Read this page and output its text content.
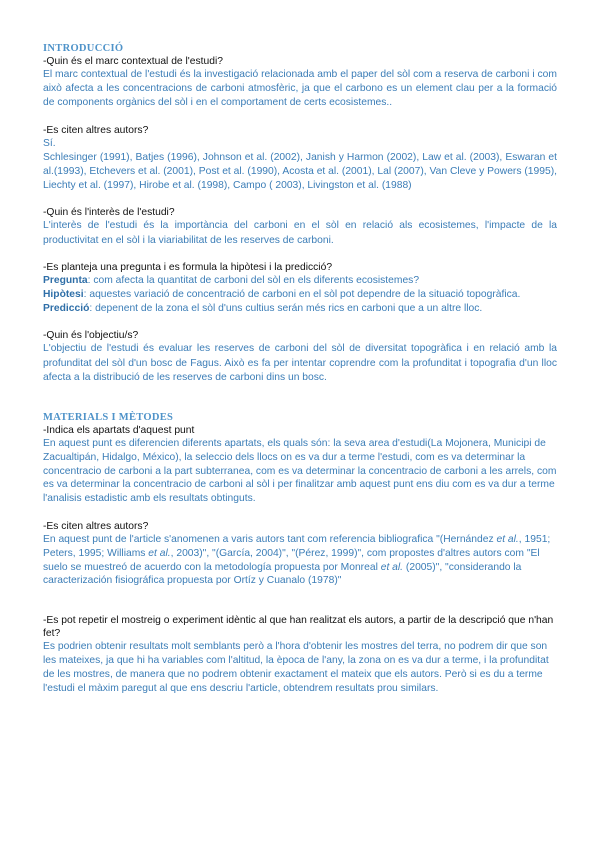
INTRODUCCIÓ

-Quin és el marc contextual de l'estudi?

El marc contextual de l'estudi és la investigació relacionada amb el paper del sòl com a reserva de carboni i com això afecta a les concentracions de carboni atmosfèric, ja que el carbono es un element clau per a la formació de components orgànics del sòl i en el comportament de certs ecosistemes..

-Es citen altres autors?

Sí.

Schlesinger (1991), Batjes (1996), Johnson et al. (2002), Janish y Harmon (2002), Law et al. (2003), Eswaran et al.(1993), Etchevers et al. (2001), Post et al. (1990), Acosta et al. (2001), Lal (2007), Van Cleve y Powers (1995), Liechty et al. (1997), Hirobe et al. (1998), Campo ( 2003), Livingston et al. (1988)

-Quin és l'interès de l'estudi?

L'interès de l'estudi és la importància del carboni en el sòl en relació als ecosistemes, l'impacte de la productivitat en el sòl i la viariabilitat de les reserves de carboni.

-Es planteja una pregunta i es formula la hipòtesi i la predicció?

Pregunta: com afecta la quantitat de carboni del sòl en els diferents ecosistemes?

Hipòtesi: aquestes variació de concentració de carboni en el sòl pot dependre de la situació topogràfica.

Predicció: depenent de la zona el sòl d'uns cultius serán més rics en carboni que a un altre lloc.

-Quin és l'objectiu/s?

L'objectiu de l'estudi és evaluar les reserves de carboni del sòl de diversitat topogràfica i en relació amb la profunditat del sòl d'un bosc de Fagus. Això es fa per intentar coprendre com la profunditat i topografia d'un lloc afecta a la distribució de les reserves de carboni dins un bosc.

MATERIALS I MÈTODES

-Indica els apartats d'aquest punt

En aquest punt es diferencien diferents apartats, els quals són: la seva area d'estudi(La Mojonera, Municipi de Zacualtipán, Hidalgo, México), la seleccio dels llocs on es va dur a terme l'estudi, com es va determinar la concentracio de carboni a la part subterranea, com es va determinar la concentracio de carboni a les arrels, com es va determinar la concentracio de carboni al sòl i per finalitzar amb aquest punt ens diu com es va dur a terme l'analisis estadistic amb els resultats obtinguts.

-Es citen altres autors?

En aquest punt de l'article s'anomenen a varis autors tant com referencia bibliografica "(Hernández et al., 1951; Peters, 1995; Williams et al., 2003)", "(García, 2004)", "(Pérez, 1999)", com propostes d'altres autors com "El suelo se muestreó de acuerdo con la metodología propuesta por Monreal et al. (2005)", "considerando la caracterización fisiográfica propuesta por Ortíz y Cuanalo (1978)"

-Es pot repetir el mostreig o experiment idèntic al que han realitzat els autors, a partir de la descripció que n'han fet?

Es podrien obtenir resultats molt semblants però a l'hora d'obtenir les mostres del terra, no podrem dir que son les mateixes, ja que hi ha variables com l'altitud, la època de l'any, la zona on es va dur a terme, i la profunditat de les mostres, de manera que no podrem obtenir exactament el mateix que els autors. Però si es du a terme l'estudi el màxim paregut al que ens descriu l'article, obtendrem resultats prou similars.
